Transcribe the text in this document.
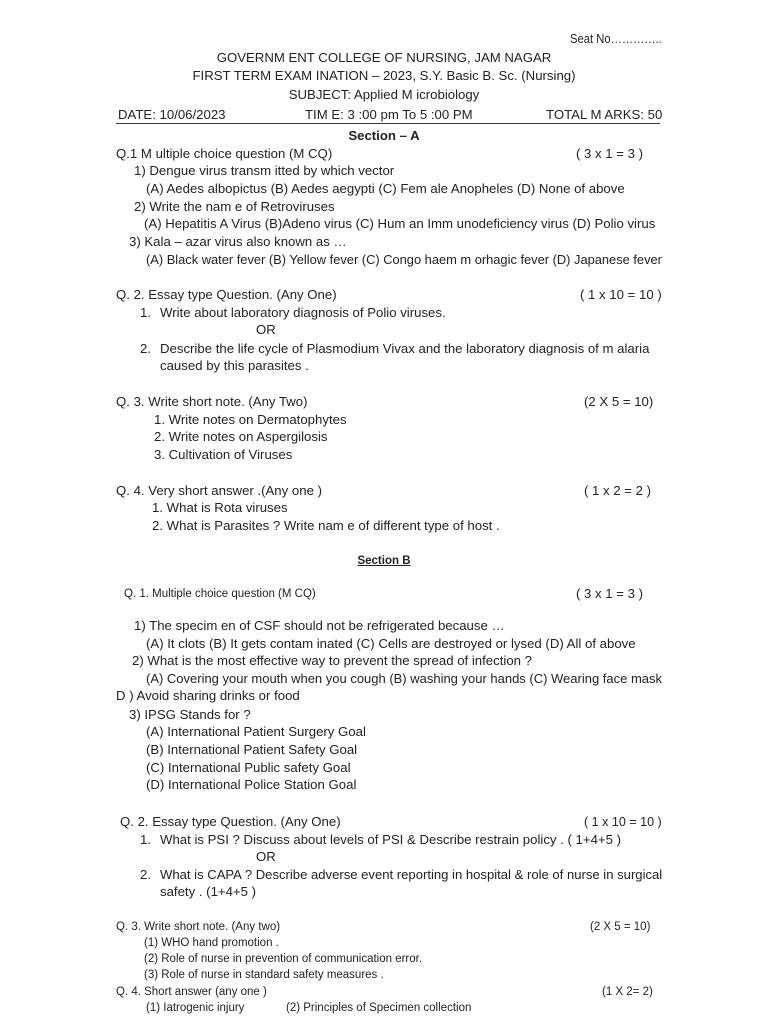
Seat No…………..
GOVERNM ENT COLLEGE OF NURSING, JAM NAGAR
FIRST TERM EXAM INATION – 2023, S.Y. Basic B. Sc. (Nursing)
SUBJECT: Applied M icrobiology
DATE: 10/06/2023	TIM E: 3 :00 pm To 5 :00 PM	TOTAL M ARKS: 50
Section – A
Q.1 M ultiple choice question (M CQ)	( 3 x 1 = 3 )
1) Dengue virus transm itted by which vector
(A) Aedes albopictus (B) Aedes aegypti (C) Fem ale Anopheles (D) None of above
2) Write the nam e of Retroviruses
(A) Hepatitis A Virus (B)Adeno virus (C) Hum an Imm unodeficiency virus (D) Polio virus
3) Kala – azar virus also known as …
(A) Black water fever (B) Yellow fever (C) Congo haem m orhagic fever (D) Japanese fever
Q. 2. Essay type Question. (Any One)	( 1 x 10 = 10 )
1. Write about laboratory diagnosis of Polio viruses.
OR
2. Describe the life cycle of Plasmodium Vivax and the laboratory diagnosis of m alaria
caused by this parasites .
Q. 3. Write short note. (Any Two)	(2 X 5 = 10)
1. Write notes on Dermatophytes
2. Write notes on Aspergilosis
3. Cultivation of Viruses
Q. 4. Very short answer .(Any one )	( 1 x 2 = 2 )
1. What is Rota viruses
2. What is Parasites ? Write nam e of different type of host .
Section B
Q. 1. Multiple choice question (M CQ)	( 3 x 1 = 3 )
1) The specim en of CSF should not be refrigerated because …
(A) It clots (B) It gets contam inated (C) Cells are destroyed or lysed (D) All of above
2) What is the most effective way to prevent the spread of infection ?
(A) Covering your mouth when you cough (B) washing your hands (C) Wearing face mask
D ) Avoid sharing drinks or food
3) IPSG Stands for ?
(A) International Patient Surgery Goal
(B) International Patient Safety Goal
(C) International Public safety Goal
(D) International Police Station Goal
Q. 2. Essay type Question. (Any One)	( 1 x 10 = 10 )
1. What is PSI ? Discuss about levels of PSI & Describe restrain policy . ( 1+4+5 )
OR
2. What is CAPA ? Describe adverse event reporting in hospital & role of nurse in surgical
safety . (1+4+5 )
Q. 3. Write short note. (Any two)	(2 X 5 = 10)
(1) WHO hand promotion .
(2) Role of nurse in prevention of communication error.
(3) Role of nurse in standard safety measures .
Q. 4. Short answer (any one )	(1 X 2= 2)
(1) Iatrogenic injury	(2) Principles of Specimen collection
